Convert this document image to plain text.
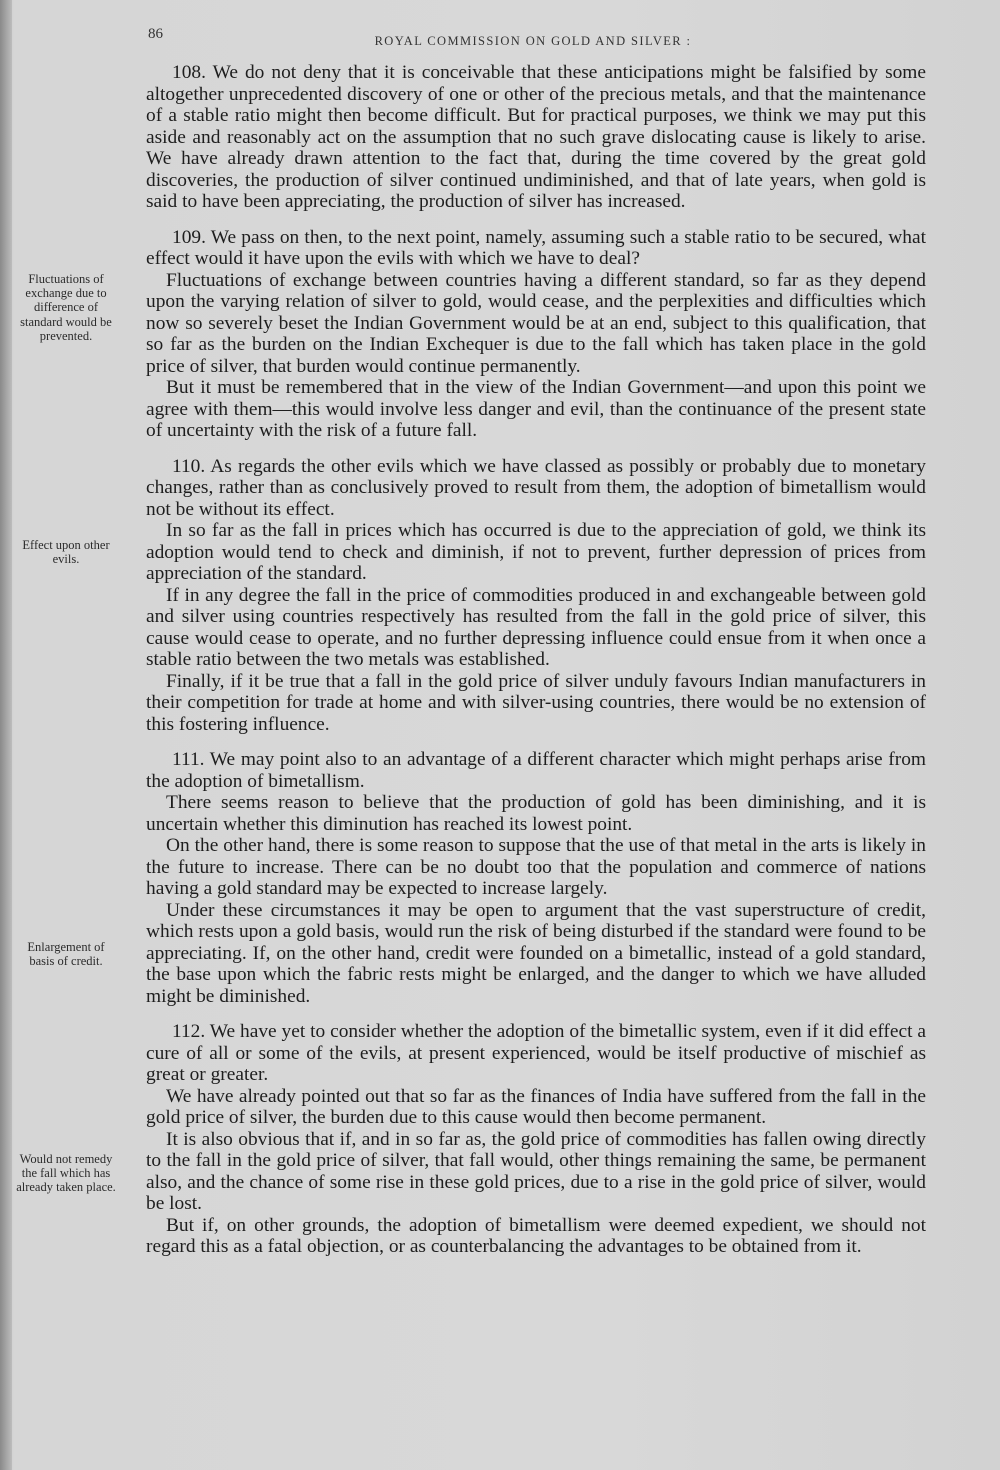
86	ROYAL COMMISSION ON GOLD AND SILVER :
Fluctuations of exchange due to difference of standard would be prevented.
Effect upon other evils.
Enlargement of basis of credit.
Would not remedy the fall which has already taken place.

108. We do not deny that it is conceivable that these anticipations might be falsified by some altogether unprecedented discovery of one or other of the precious metals, and that the maintenance of a stable ratio might then become difficult. But for practical purposes, we think we may put this aside and reasonably act on the assumption that no such grave dislocating cause is likely to arise. We have already drawn attention to the fact that, during the time covered by the great gold discoveries, the production of silver continued undiminished, and that of late years, when gold is said to have been appreciating, the production of silver has increased.

109. We pass on then, to the next point, namely, assuming such a stable ratio to be secured, what effect would it have upon the evils with which we have to deal?

Fluctuations of exchange between countries having a different standard, so far as they depend upon the varying relation of silver to gold, would cease, and the perplexities and difficulties which now so severely beset the Indian Government would be at an end, subject to this qualification, that so far as the burden on the Indian Exchequer is due to the fall which has taken place in the gold price of silver, that burden would continue permanently.

But it must be remembered that in the view of the Indian Government—and upon this point we agree with them—this would involve less danger and evil, than the continuance of the present state of uncertainty with the risk of a future fall.

110. As regards the other evils which we have classed as possibly or probably due to monetary changes, rather than as conclusively proved to result from them, the adoption of bimetallism would not be without its effect.

In so far as the fall in prices which has occurred is due to the appreciation of gold, we think its adoption would tend to check and diminish, if not to prevent, further depression of prices from appreciation of the standard.

If in any degree the fall in the price of commodities produced in and exchangeable between gold and silver using countries respectively has resulted from the fall in the gold price of silver, this cause would cease to operate, and no further depressing influence could ensue from it when once a stable ratio between the two metals was established.

Finally, if it be true that a fall in the gold price of silver unduly favours Indian manufacturers in their competition for trade at home and with silver-using countries, there would be no extension of this fostering influence.

111. We may point also to an advantage of a different character which might perhaps arise from the adoption of bimetallism.

There seems reason to believe that the production of gold has been diminishing, and it is uncertain whether this diminution has reached its lowest point.

On the other hand, there is some reason to suppose that the use of that metal in the arts is likely in the future to increase. There can be no doubt too that the population and commerce of nations having a gold standard may be expected to increase largely.

Under these circumstances it may be open to argument that the vast superstructure of credit, which rests upon a gold basis, would run the risk of being disturbed if the standard were found to be appreciating. If, on the other hand, credit were founded on a bimetallic, instead of a gold standard, the base upon which the fabric rests might be enlarged, and the danger to which we have alluded might be diminished.

112. We have yet to consider whether the adoption of the bimetallic system, even if it did effect a cure of all or some of the evils, at present experienced, would be itself productive of mischief as great or greater.

We have already pointed out that so far as the finances of India have suffered from the fall in the gold price of silver, the burden due to this cause would then become permanent.

It is also obvious that if, and in so far as, the gold price of commodities has fallen owing directly to the fall in the gold price of silver, that fall would, other things remaining the same, be permanent also, and the chance of some rise in these gold prices, due to a rise in the gold price of silver, would be lost.

But if, on other grounds, the adoption of bimetallism were deemed expedient, we should not regard this as a fatal objection, or as counterbalancing the advantages to be obtained from it.
